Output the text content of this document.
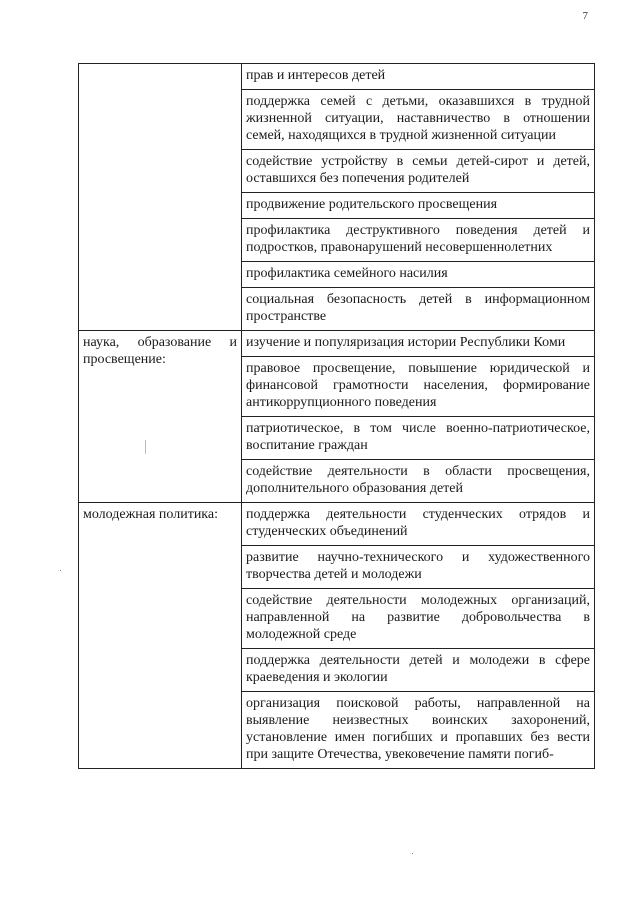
7
	прав и интересов детей
	поддержка семей с детьми, оказавшихся в трудной жизненной ситуации, наставничество в отношении семей, находящихся в трудной жизненной ситуации
	содействие устройству в семьи детей-сирот и детей, оставшихся без попечения родителей
	продвижение родительского просвещения
	профилактика деструктивного поведения детей и подростков, правонарушений несовершеннолетних
	профилактика семейного насилия
	социальная безопасность детей в информационном пространстве

наука, образование и просвещение:	изучение и популяризация истории Республики Коми
	правовое просвещение, повышение юридической и финансовой грамотности населения, формирование антикоррупционного поведения
	патриотическое, в том числе военно-патриотическое, воспитание граждан
	содействие деятельности в области просвещения, дополнительного образования детей

молодежная политика:	поддержка деятельности студенческих отрядов и студенческих объединений
	развитие научно-технического и художественного творчества детей и молодежи
	содействие деятельности молодежных организаций, направленной на развитие добровольчества в молодежной среде
	поддержка деятельности детей и молодежи в сфере краеведения и экологии
	организация поисковой работы, направленной на выявление неизвестных воинских захоронений, установление имен погибших и пропавших без вести при защите Отечества, увековечение памяти погиб-
